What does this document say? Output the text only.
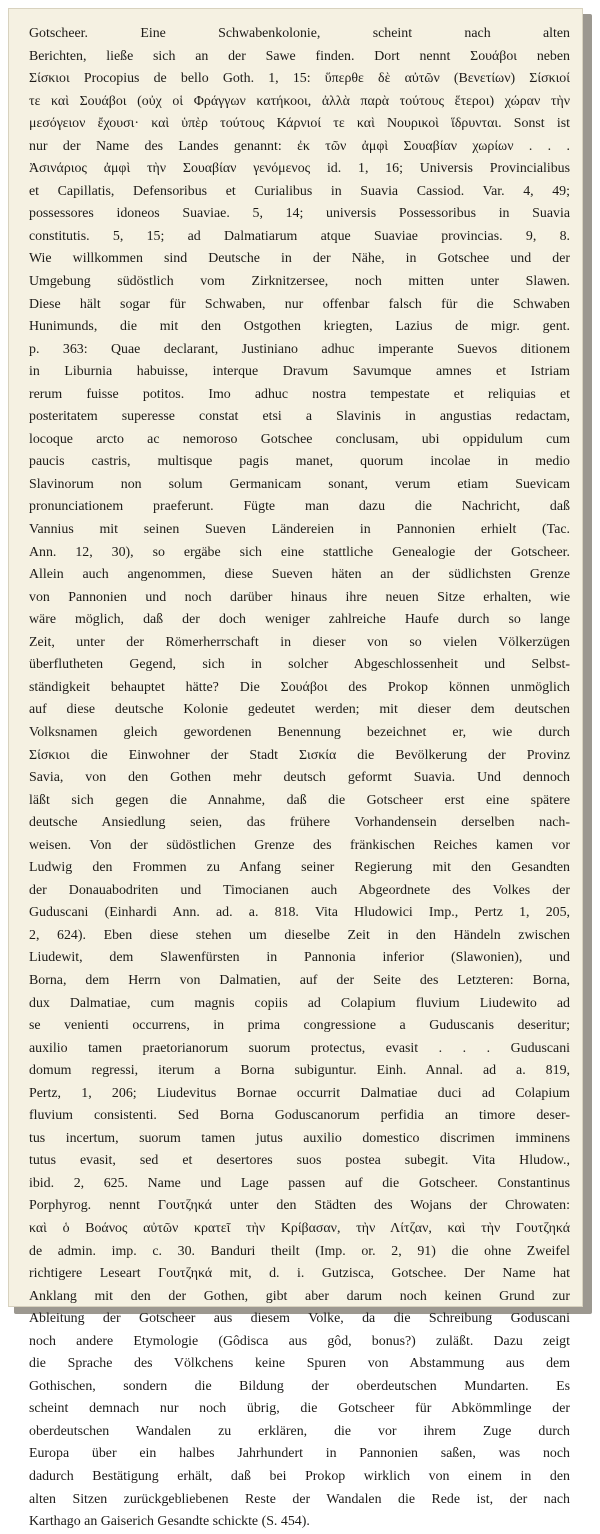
Gotscheer. Eine Schwabenkolonie, scheint nach alten
Berichten, ließe sich an der Sawe finden. Dort nennt Σουάβοι neben
Σίσκιοι Procopius de bello Goth. 1, 15: ὕπερθε δὲ αὐτῶν (Βενετίων) Σίσκιοί
τε καὶ Σουάβοι (οὐχ οἱ Φράγγων κατήκοοι, ἀλλὰ παρὰ τούτους ἕτεροι) χώραν τὴν
μεσόγειον ἔχουσι· καὶ ὑπὲρ τούτους Κάρνιοί τε καὶ Νουρικοὶ ἵδρυνται. Sonst ist
nur der Name des Landes genannt: ἐκ τῶν ἀμφὶ Σουαβίαν χωρίων . . .
Ἀσινάριος ἀμφὶ τὴν Σουαβίαν γενόμενος id. 1, 16; Universis Provincialibus
et Capillatis, Defensoribus et Curialibus in Suavia Cassiod. Var. 4, 49;
possessores idoneos Suaviae. 5, 14; universis Possessoribus in Suavia
constitutis. 5, 15; ad Dalmatiarum atque Suaviae provincias. 9, 8.
Wie willkommen sind Deutsche in der Nähe, in Gotschee und der
Umgebung südöstlich vom Zirknitzersee, noch mitten unter Slawen.
Diese hält sogar für Schwaben, nur offenbar falsch für die Schwaben
Hunimunds, die mit den Ostgothen kriegten, Lazius de migr. gent.
p. 363: Quae declarant, Justiniano adhuc imperante Suevos ditionem
in Liburnia habuisse, interque Dravum Savumque amnes et Istriam
rerum fuisse potitos. Imo adhuc nostra tempestate et reliquias et
posteritatem superesse constat etsi a Slavinis in angustias redactam,
locoque arcto ac nemoroso Gotschee conclusam, ubi oppidulum cum
paucis castris, multisque pagis manet, quorum incolae in medio
Slavinorum non solum Germanicam sonant, verum etiam Suevicam
pronunciationem praeferunt. Fügte man dazu die Nachricht, daß
Vannius mit seinen Sueven Ländereien in Pannonien erhielt (Tac.
Ann. 12, 30), so ergäbe sich eine stattliche Genealogie der Gotscheer.
Allein auch angenommen, diese Sueven häten an der südlichsten Grenze
von Pannonien und noch darüber hinaus ihre neuen Sitze erhalten, wie
wäre möglich, daß der doch weniger zahlreiche Haufe durch so lange
Zeit, unter der Römerherrschaft in dieser von so vielen Völkerzügen
überflutheten Gegend, sich in solcher Abgeschlossenheit und Selbst-
ständigkeit behauptet hätte? Die Σουάβοι des Prokop können unmöglich
auf diese deutsche Kolonie gedeutet werden; mit dieser dem deutschen
Volksnamen gleich gewordenen Benennung bezeichnet er, wie durch
Σίσκιοι die Einwohner der Stadt Σισκία die Bevölkerung der Provinz
Savia, von den Gothen mehr deutsch geformt Suavia. Und dennoch
läßt sich gegen die Annahme, daß die Gotscheer erst eine spätere
deutsche Ansiedlung seien, das frühere Vorhandensein derselben nach-
weisen. Von der südöstlichen Grenze des fränkischen Reiches kamen vor
Ludwig den Frommen zu Anfang seiner Regierung mit den Gesandten
der Donauabodriten und Timocianen auch Abgeordnete des Volkes der
Guduscani (Einhardi Ann. ad. a. 818. Vita Hludowici Imp., Pertz 1, 205,
2, 624). Eben diese stehen um dieselbe Zeit in den Händeln zwischen
Liudewit, dem Slawenfürsten in Pannonia inferior (Slawonien), und
Borna, dem Herrn von Dalmatien, auf der Seite des Letzteren: Borna,
dux Dalmatiae, cum magnis copiis ad Colapium fluvium Liudewito ad
se venienti occurrens, in prima congressione a Guduscanis deseritur;
auxilio tamen praetorianorum suorum protectus, evasit . . . Guduscani
domum regressi, iterum a Borna subiguntur. Einh. Annal. ad a. 819,
Pertz, 1, 206; Liudevitus Bornae occurrit Dalmatiae duci ad Colapium
fluvium consistenti. Sed Borna Goduscanorum perfidia an timore deser-
tus incertum, suorum tamen jutus auxilio domestico discrimen imminens
tutus evasit, sed et desertores suos postea subegit. Vita Hludow.,
ibid. 2, 625. Name und Lage passen auf die Gotscheer. Constantinus
Porphyrog. nennt Γουτζηκά unter den Städten des Wojans der Chrowaten:
καὶ ὁ Βοάνος αὐτῶν κρατεῖ τὴν Κρίβασαν, τὴν Λίτζαν, καὶ τὴν Γουτζηκά
de admin. imp. c. 30. Banduri theilt (Imp. or. 2, 91) die ohne Zweifel
richtigere Leseart Γουτζηκά mit, d. i. Gutzisca, Gotschee. Der Name hat
Anklang mit den der Gothen, gibt aber darum noch keinen Grund zur
Ableitung der Gotscheer aus diesem Volke, da die Schreibung Goduscani
noch andere Etymologie (Gôdisca aus gôd, bonus?) zuläßt. Dazu zeigt
die Sprache des Völkchens keine Spuren von Abstammung aus dem
Gothischen, sondern die Bildung der oberdeutschen Mundarten. Es
scheint demnach nur noch übrig, die Gotscheer für Abkömmlinge der
oberdeutschen Wandalen zu erklären, die vor ihrem Zuge durch
Europa über ein halbes Jahrhundert in Pannonien saßen, was noch
dadurch Bestätigung erhält, daß bei Prokop wirklich von einem in den
alten Sitzen zurückgebliebenen Reste der Wandalen die Rede ist, der nach
Karthago an Gaiserich Gesandte schickte (S. 454).
